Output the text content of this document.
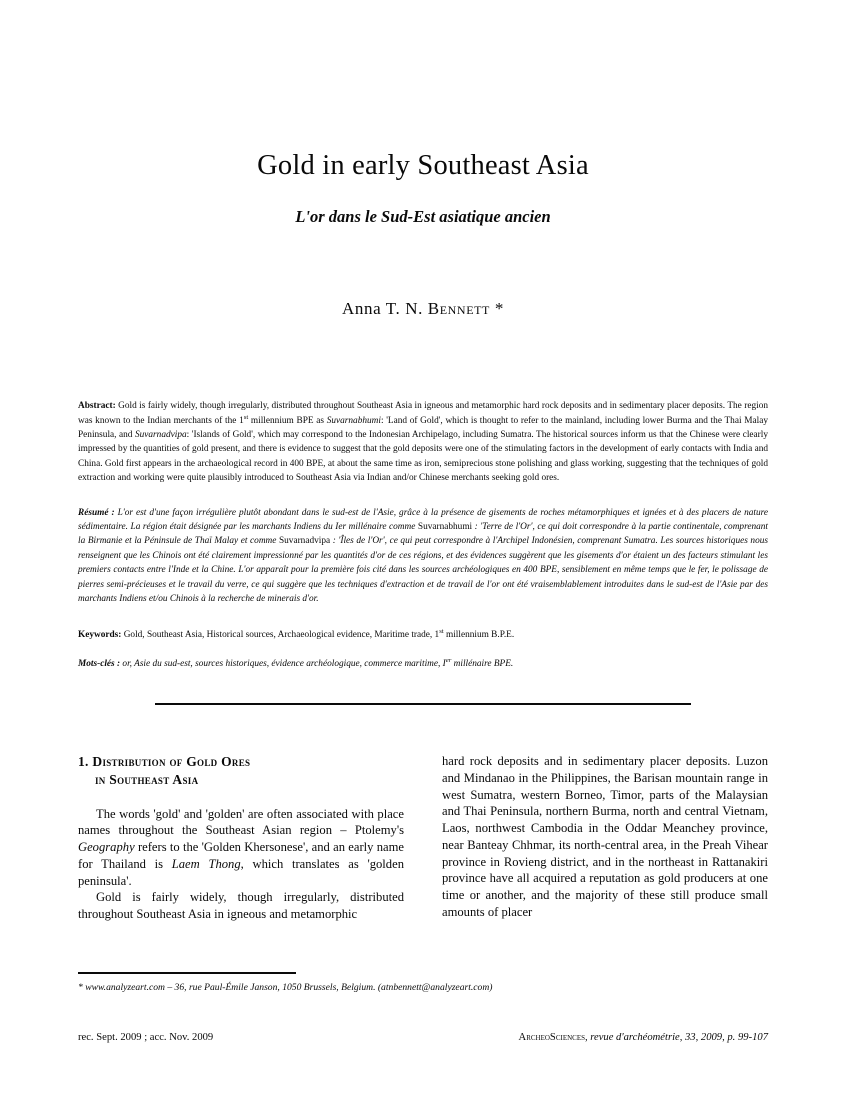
Gold in early Southeast Asia
L'or dans le Sud-Est asiatique ancien
Anna T. N. Bennett *

Abstract: Gold is fairly widely, though irregularly, distributed throughout Southeast Asia in igneous and metamorphic hard rock deposits and in sedimentary placer deposits. The region was known to the Indian merchants of the 1st millennium BPE as Suvarnabhumi: 'Land of Gold', which is thought to refer to the mainland, including lower Burma and the Thai Malay Peninsula, and Suvarnadvipa: 'Islands of Gold', which may correspond to the Indonesian Archipelago, including Sumatra. The historical sources inform us that the Chinese were clearly impressed by the quantities of gold present, and there is evidence to suggest that the gold deposits were one of the stimulating factors in the development of early contacts with India and China. Gold first appears in the archaeological record in 400 BPE, at about the same time as iron, semiprecious stone polishing and glass working, suggesting that the techniques of gold extraction and working were quite plausibly introduced to Southeast Asia via Indian and/or Chinese merchants seeking gold ores.

Résumé : L'or est d'une façon irrégulière plutôt abondant dans le sud-est de l'Asie, grâce à la présence de gisements de roches métamorphiques et ignées et à des placers de nature sédimentaire. La région était désignée par les marchants Indiens du Ier millénaire comme Suvarnabhumi : 'Terre de l'Or', ce qui doit correspondre à la partie continentale, comprenant la Birmanie et la Péninsule de Thaï Malay et comme Suvarnadvipa : 'Îles de l'Or', ce qui peut correspondre à l'Archipel Indonésien, comprenant Sumatra. Les sources historiques nous renseignent que les Chinois ont été clairement impressionné par les quantités d'or de ces régions, et des évidences suggèrent que les gisements d'or étaient un des facteurs stimulant les premiers contacts entre l'Inde et la Chine. L'or apparaît pour la première fois cité dans les sources archéologiques en 400 BPE, sensiblement en même temps que le fer, le polissage de pierres semi-précieuses et le travail du verre, ce qui suggère que les techniques d'extraction et de travail de l'or ont été vraisemblablement introduites dans le sud-est de l'Asie par des marchants Indiens et/ou Chinois à la recherche de minerais d'or.

Keywords: Gold, Southeast Asia, Historical sources, Archaeological evidence, Maritime trade, 1st millennium B.P.E.

Mots-clés : or, Asie du sud-est, sources historiques, évidence archéologique, commerce maritime, Ier millénaire BPE.

1. Distribution of Gold Ores
in Southeast Asia

The words 'gold' and 'golden' are often associated with place names throughout the Southeast Asian region – Ptolemy's Geography refers to the 'Golden Khersonese', and an early name for Thailand is Laem Thong, which translates as 'golden peninsula'.

Gold is fairly widely, though irregularly, distributed throughout Southeast Asia in igneous and metamorphic

hard rock deposits and in sedimentary placer deposits. Luzon and Mindanao in the Philippines, the Barisan mountain range in west Sumatra, western Borneo, Timor, parts of the Malaysian and Thai Peninsula, northern Burma, north and central Vietnam, Laos, northwest Cambodia in the Oddar Meanchey province, near Banteay Chhmar, its north-central area, in the Preah Vihear province in Rovieng district, and in the northeast in Rattanakiri province have all acquired a reputation as gold producers at one time or another, and the majority of these still produce small amounts of placer

* www.analyzeart.com – 36, rue Paul-Émile Janson, 1050 Brussels, Belgium. (atnbennett@analyzeart.com)

rec. Sept. 2009 ; acc. Nov. 2009	ArcheoSciences, revue d'archéométrie, 33, 2009, p. 99-107
